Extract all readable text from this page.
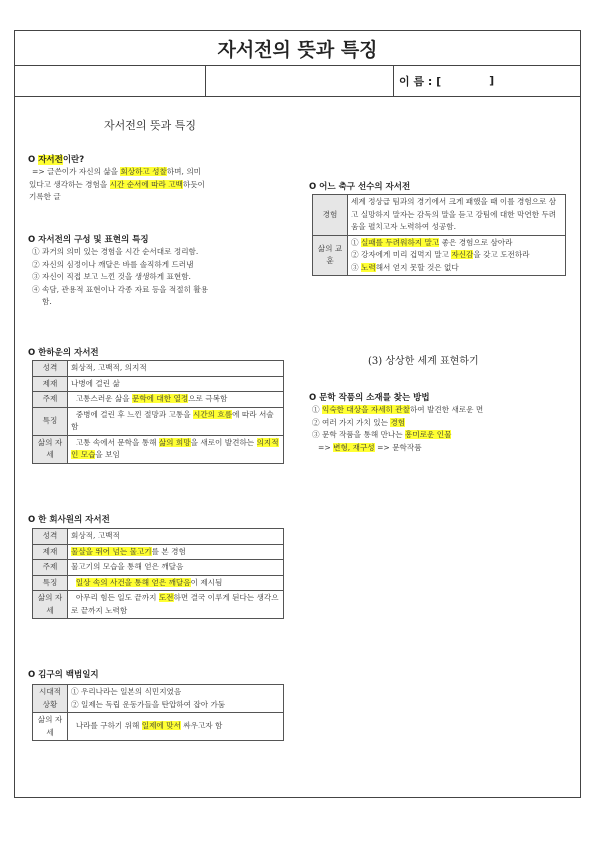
자서전의 뜻과 특징
이 름 : [	]
자서전의 뜻과 특징
O 자서전이란?
=> 글쓴이가 자신의 삶을 회상하고 성찰하며, 의미
있다고 생각하는 경험을 시간 순서에 따라 고백하듯이
기록한 글
O 자서전의 구성 및 표현의 특징
① 과거의 의미 있는 경험을 시간 순서대로 정리함.
② 자신의 심정이나 깨달은 바를 솔직하게 드러냄
③ 자신이 직접 보고 느낀 것을 생생하게 표현함.
④ 속담, 관용적 표현이나 각종 자료 등을 적절히 활용
함.
O 한하운의 자서전
성격	회상적, 고백적, 의지적
제재	나병에 걸린 삶
주제	고통스러운 삶을 문학에 대한 열정으로 극복함
특징	중병에 걸린 후 느낀 절망과 고통을 시간의 흐름에 따라 서술함
삶의 자세	고통 속에서 문학을 통해 삶의 희망을 새로이 발견하는 의지적인 모습을 보임
O 한 회사원의 자서전
성격	회상적, 고백적
제재	물살을 뛰어 넘는 물고기를 본 경험
주제	물고기의 모습을 통해 얻은 깨달음
특징	일상 속의 사건을 통해 얻은 깨달음이 제시됨
삶의 자세	아무리 힘든 일도 끝까지 도전하면 결국 이루게 된다는 생각으로 끝까지 노력함
O 김구의 백범일지
시대적 상황	① 우리나라는 일본의 식민지였음
② 일제는 독립 운동가들을 탄압하여 잡아 가둠

삶의 자세	나라를 구하기 위해 일제에 맞서 싸우고자 함
O 어느 축구 선수의 자서전
경험	세계 정상급 팀과의 경기에서 크게 패했을 때 이를 경험으로 삼고 실망하지 말자는 감독의 말을 듣고 강팀에 대한 막연한 두려움을 펼치고자 노력하여 성공함.
삶의 교훈	① 실패를 두려워하지 말고 좋은 경험으로 삼아라
② 강자에게 미리 겁먹지 말고 자신감을 갖고 도전하라
③ 노력해서 얻지 못할 것은 없다
(3) 상상한 세계 표현하기
O 문학 작품의 소재를 찾는 방법
① 익숙한 대상을 자세히 관찰하여 발견한 새로운 면
② 여러 가지 가치 있는 경험
③ 문학 작품을 통해 만나는 흥미로운 인물
=> 변형, 재구성 => 문학작품
